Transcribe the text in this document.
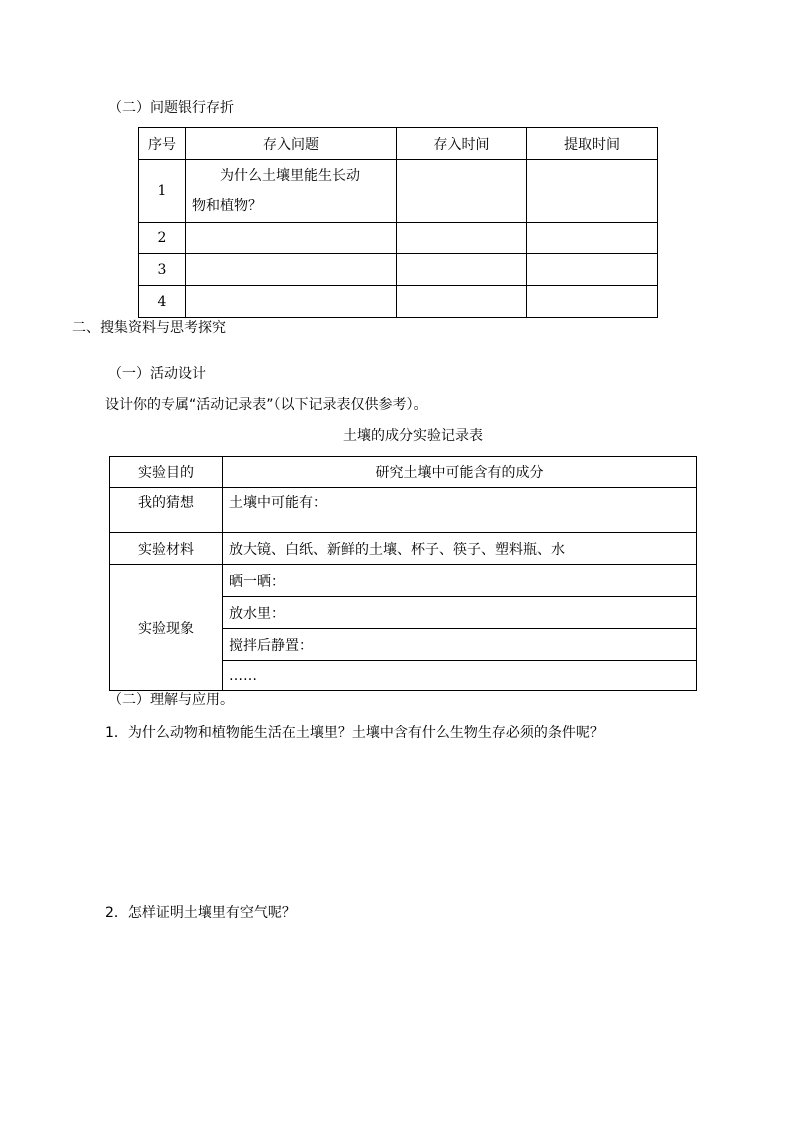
（二）问题银行存折
序号	存入问题	存入时间	提取时间
1	为什么土壤里能生长动
物和植物？		

2			
3			
4			
二、搜集资料与思考探究
（一）活动设计
设计你的专属“活动记录表”（以下记录表仅供参考）。
土壤的成分实验记录表
实验目的	研究土壤中可能含有的成分
我的猜想	土壤中可能有：
实验材料	放大镜、白纸、新鲜的土壤、杯子、筷子、塑料瓶、水
实验现象	晒一晒：
	放水里：
	搅拌后静置：
	……
（二）理解与应用。
1．为什么动物和植物能生活在土壤里？土壤中含有什么生物生存必须的条件呢？
2．怎样证明土壤里有空气呢？
